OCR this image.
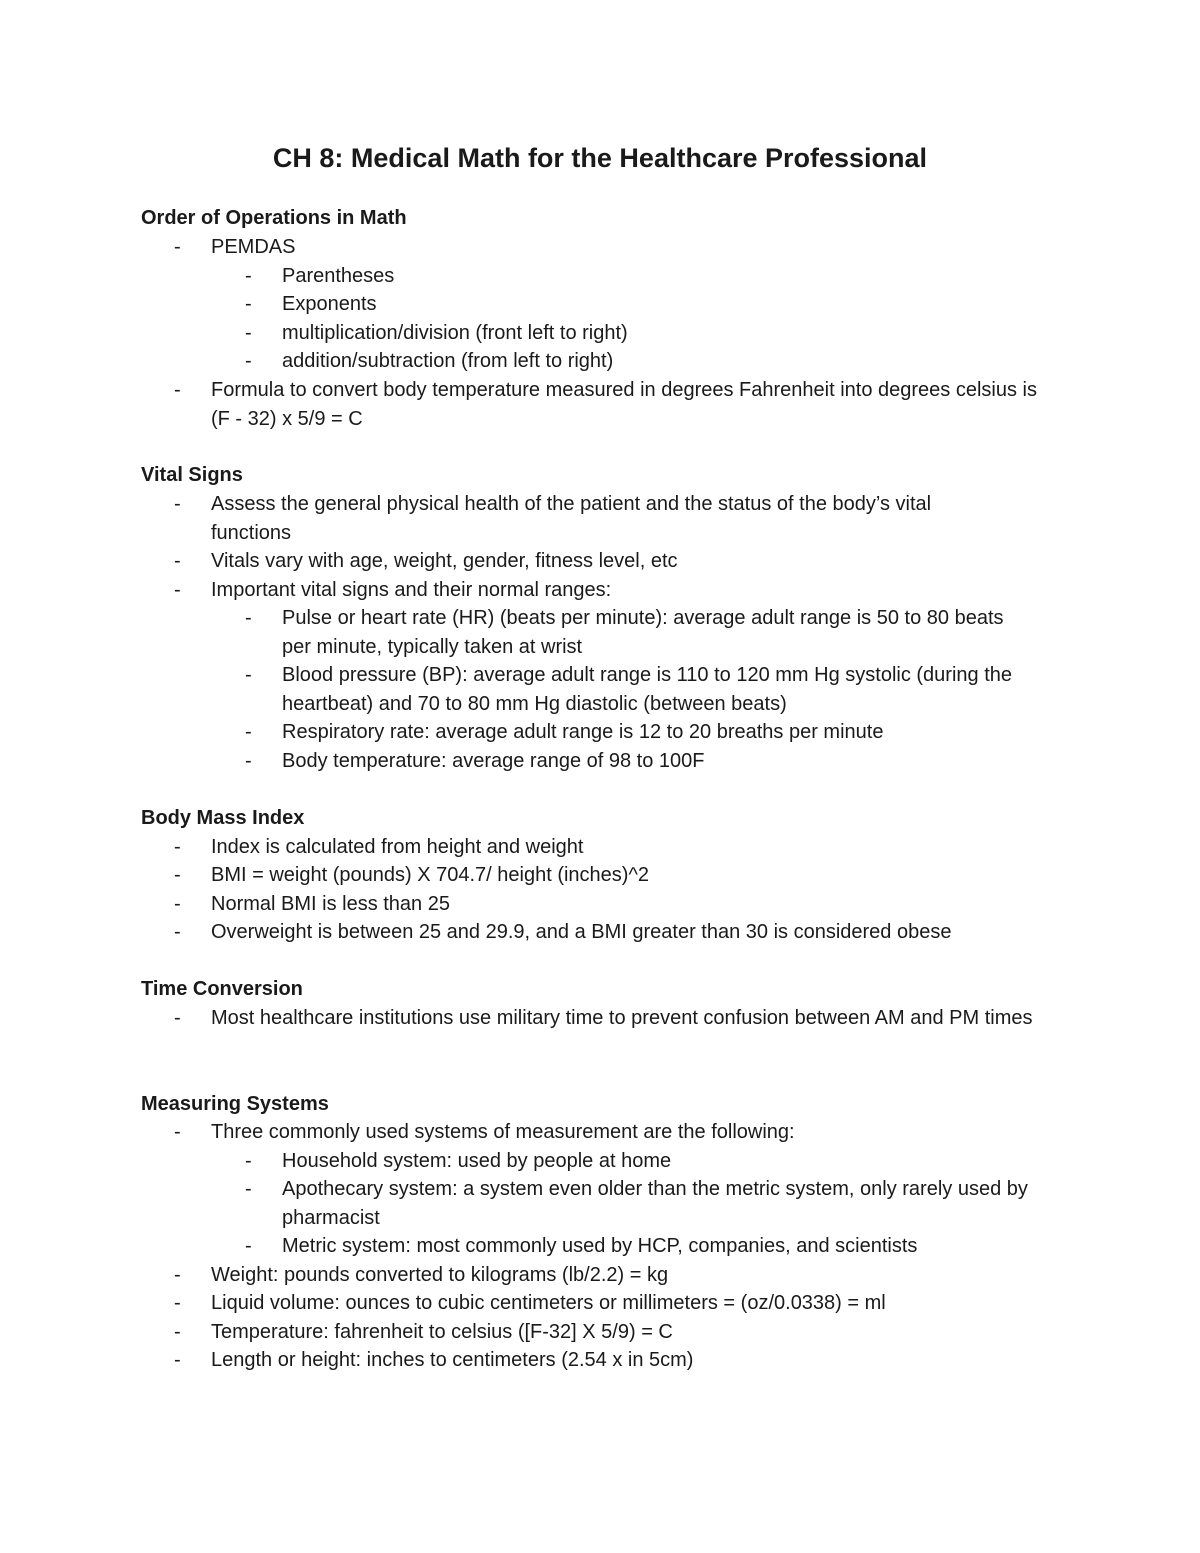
CH 8: Medical Math for the Healthcare Professional
Order of Operations in Math
- PEMDAS
- Parentheses
- Exponents
- multiplication/division (front left to right)
- addition/subtraction (from left to right)
- Formula to convert body temperature measured in degrees Fahrenheit into degrees celsius is (F - 32) x 5/9 = C
Vital Signs
- Assess the general physical health of the patient and the status of the body’s vital functions
- Vitals vary with age, weight, gender, fitness level, etc
- Important vital signs and their normal ranges:
- Pulse or heart rate (HR) (beats per minute): average adult range is 50 to 80 beats per minute, typically taken at wrist
- Blood pressure (BP): average adult range is 110 to 120 mm Hg systolic (during the heartbeat) and 70 to 80 mm Hg diastolic (between beats)
- Respiratory rate: average adult range is 12 to 20 breaths per minute
- Body temperature: average range of 98 to 100F
Body Mass Index
- Index is calculated from height and weight
- BMI = weight (pounds) X 704.7/ height (inches)^2
- Normal BMI is less than 25
- Overweight is between 25 and 29.9, and a BMI greater than 30 is considered obese
Time Conversion
- Most healthcare institutions use military time to prevent confusion between AM and PM times
Measuring Systems
- Three commonly used systems of measurement are the following:
- Household system: used by people at home
- Apothecary system: a system even older than the metric system, only rarely used by pharmacist
- Metric system: most commonly used by HCP, companies, and scientists
- Weight: pounds converted to kilograms (lb/2.2) = kg
- Liquid volume: ounces to cubic centimeters or millimeters = (oz/0.0338) = ml
- Temperature: fahrenheit to celsius ([F-32] X 5/9) = C
- Length or height: inches to centimeters (2.54 x in 5cm)
